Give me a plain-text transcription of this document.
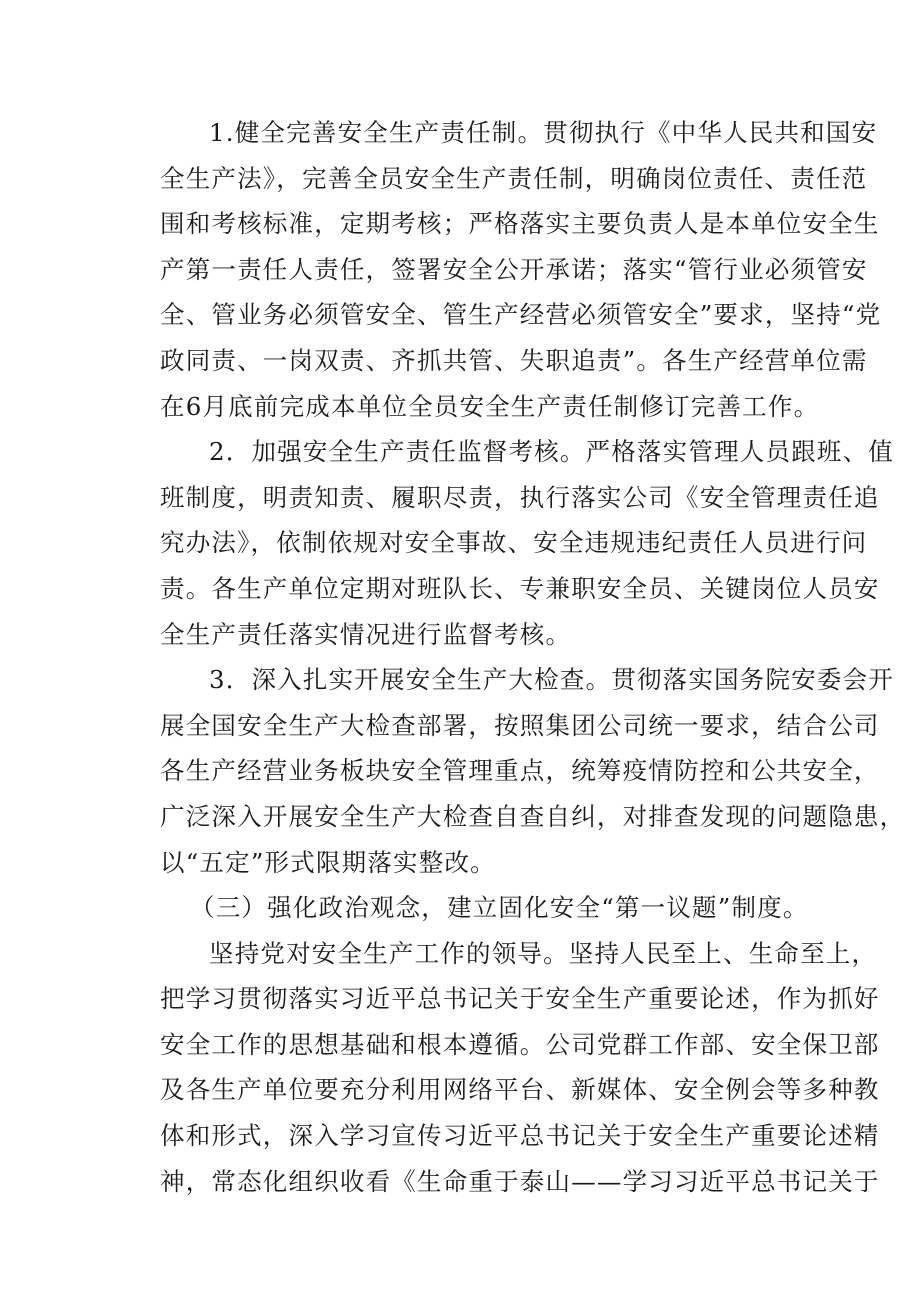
1.健全完善安全生产责任制。贯彻执行《中华人民共和国安
全生产法》，完善全员安全生产责任制，明确岗位责任、责任范
围和考核标准，定期考核；严格落实主要负责人是本单位安全生
产第一责任人责任，签署安全公开承诺；落实“管行业必须管安
全、管业务必须管安全、管生产经营必须管安全”要求，坚持“党
政同责、一岗双责、齐抓共管、失职追责”。各生产经营单位需
在6月底前完成本单位全员安全生产责任制修订完善工作。
2．加强安全生产责任监督考核。严格落实管理人员跟班、值
班制度，明责知责、履职尽责，执行落实公司《安全管理责任追
究办法》，依制依规对安全事故、安全违规违纪责任人员进行问
责。各生产单位定期对班队长、专兼职安全员、关键岗位人员安
全生产责任落实情况进行监督考核。
3．深入扎实开展安全生产大检查。贯彻落实国务院安委会开
展全国安全生产大检查部署，按照集团公司统一要求，结合公司
各生产经营业务板块安全管理重点，统筹疫情防控和公共安全，
广泛深入开展安全生产大检查自查自纠，对排查发现的问题隐患，
以“五定”形式限期落实整改。
（三）强化政治观念，建立固化安全“第一议题”制度。
坚持党对安全生产工作的领导。坚持人民至上、生命至上，
把学习贯彻落实习近平总书记关于安全生产重要论述，作为抓好
安全工作的思想基础和根本遵循。公司党群工作部、安全保卫部
及各生产单位要充分利用网络平台、新媒体、安全例会等多种教
体和形式，深入学习宣传习近平总书记关于安全生产重要论述精
神，常态化组织收看《生命重于泰山——学习习近平总书记关于
